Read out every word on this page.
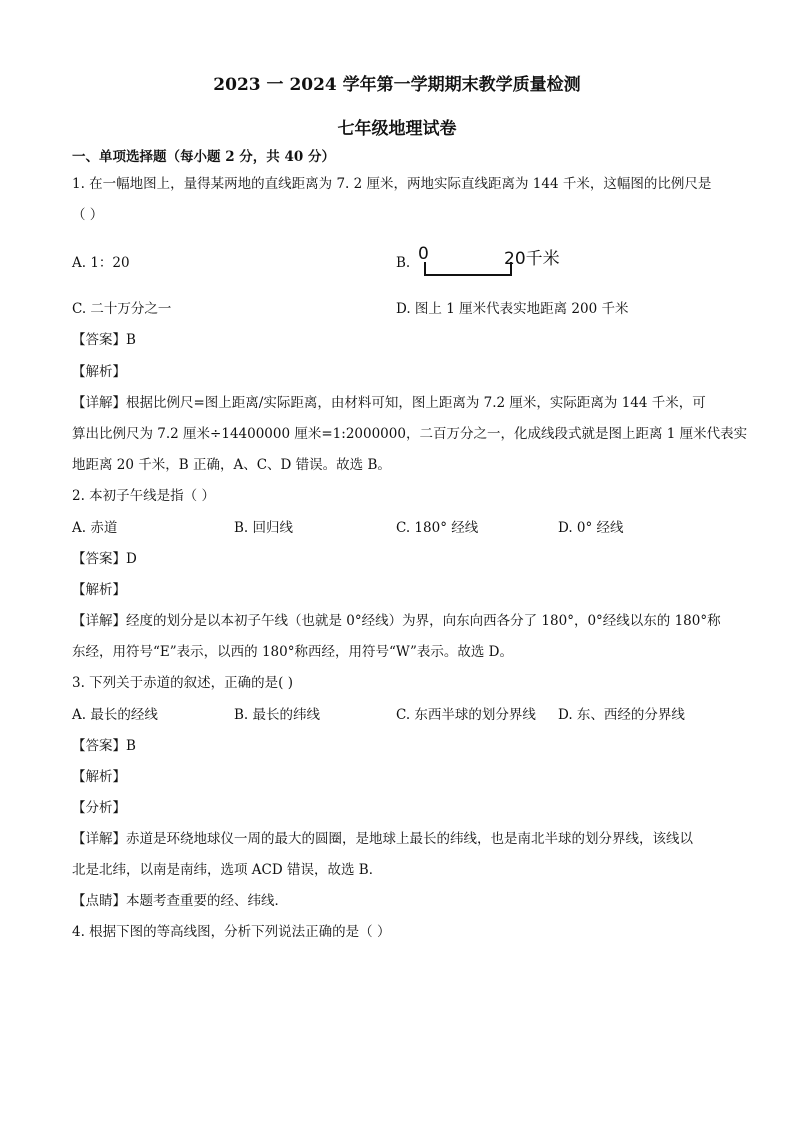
2023 一 2024 学年第一学期期末教学质量检测
七年级地理试卷
一、单项选择题（每小题 2 分，共 40 分）
1. 在一幅地图上，量得某两地的直线距离为 7. 2 厘米，两地实际直线距离为 144 千米，这幅图的比例尺是
（ ）
A. 1：20	B. 0	20千米
C. 二十万分之一	D. 图上 1 厘米代表实地距离 200 千米
【答案】B
【解析】
【详解】根据比例尺=图上距离/实际距离，由材料可知，图上距离为 7.2 厘米，实际距离为 144 千米，可
算出比例尺为 7.2 厘米÷14400000 厘米=1:2000000，二百万分之一，化成线段式就是图上距离 1 厘米代表实
地距离 20 千米，B 正确，A、C、D 错误。故选 B。
2. 本初子午线是指（ ）
A. 赤道	B. 回归线	C. 180° 经线	D. 0° 经线
【答案】D
【解析】
【详解】经度的划分是以本初子午线（也就是 0°经线）为界，向东向西各分了 180°，0°经线以东的 180°称
东经，用符号“E”表示，以西的 180°称西经，用符号“W”表示。故选 D。
3. 下列关于赤道的叙述，正确的是( )
A. 最长的经线	B. 最长的纬线	C. 东西半球的划分界线 D. 东、西经的分界线
【答案】B
【解析】
【分析】
【详解】赤道是环绕地球仪一周的最大的圆圈，是地球上最长的纬线，也是南北半球的划分界线，该线以
北是北纬，以南是南纬，选项 ACD 错误，故选 B．
【点睛】本题考查重要的经、纬线．
4. 根据下图的等高线图，分析下列说法正确的是（ ）
